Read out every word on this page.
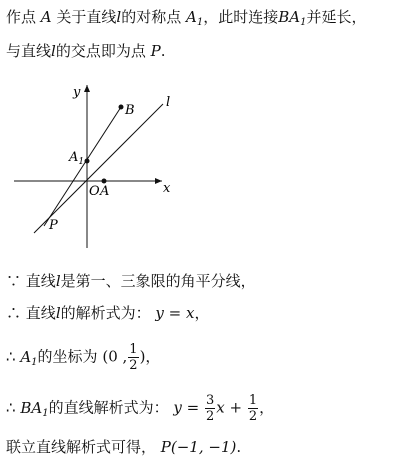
作点 A 关于直线l的对称点 $A_1$，此时连接$BA_1$并延长，
与直线l的交点即为点 P.
y
x
B
l
$A_1$
O A
P
∵ 直线l是第一、三象限的角平分线，
∴ 直线l的解析式为： y = x，
∴ $A_1$的坐标为 (0 , $\frac{1}{2}$ )，
∴ $BA_1$的直线解析式为： $y = \frac{3}{2}$ $x + \frac{1}{2}$ ，
联立直线解析式可得， P(−1, −1).
